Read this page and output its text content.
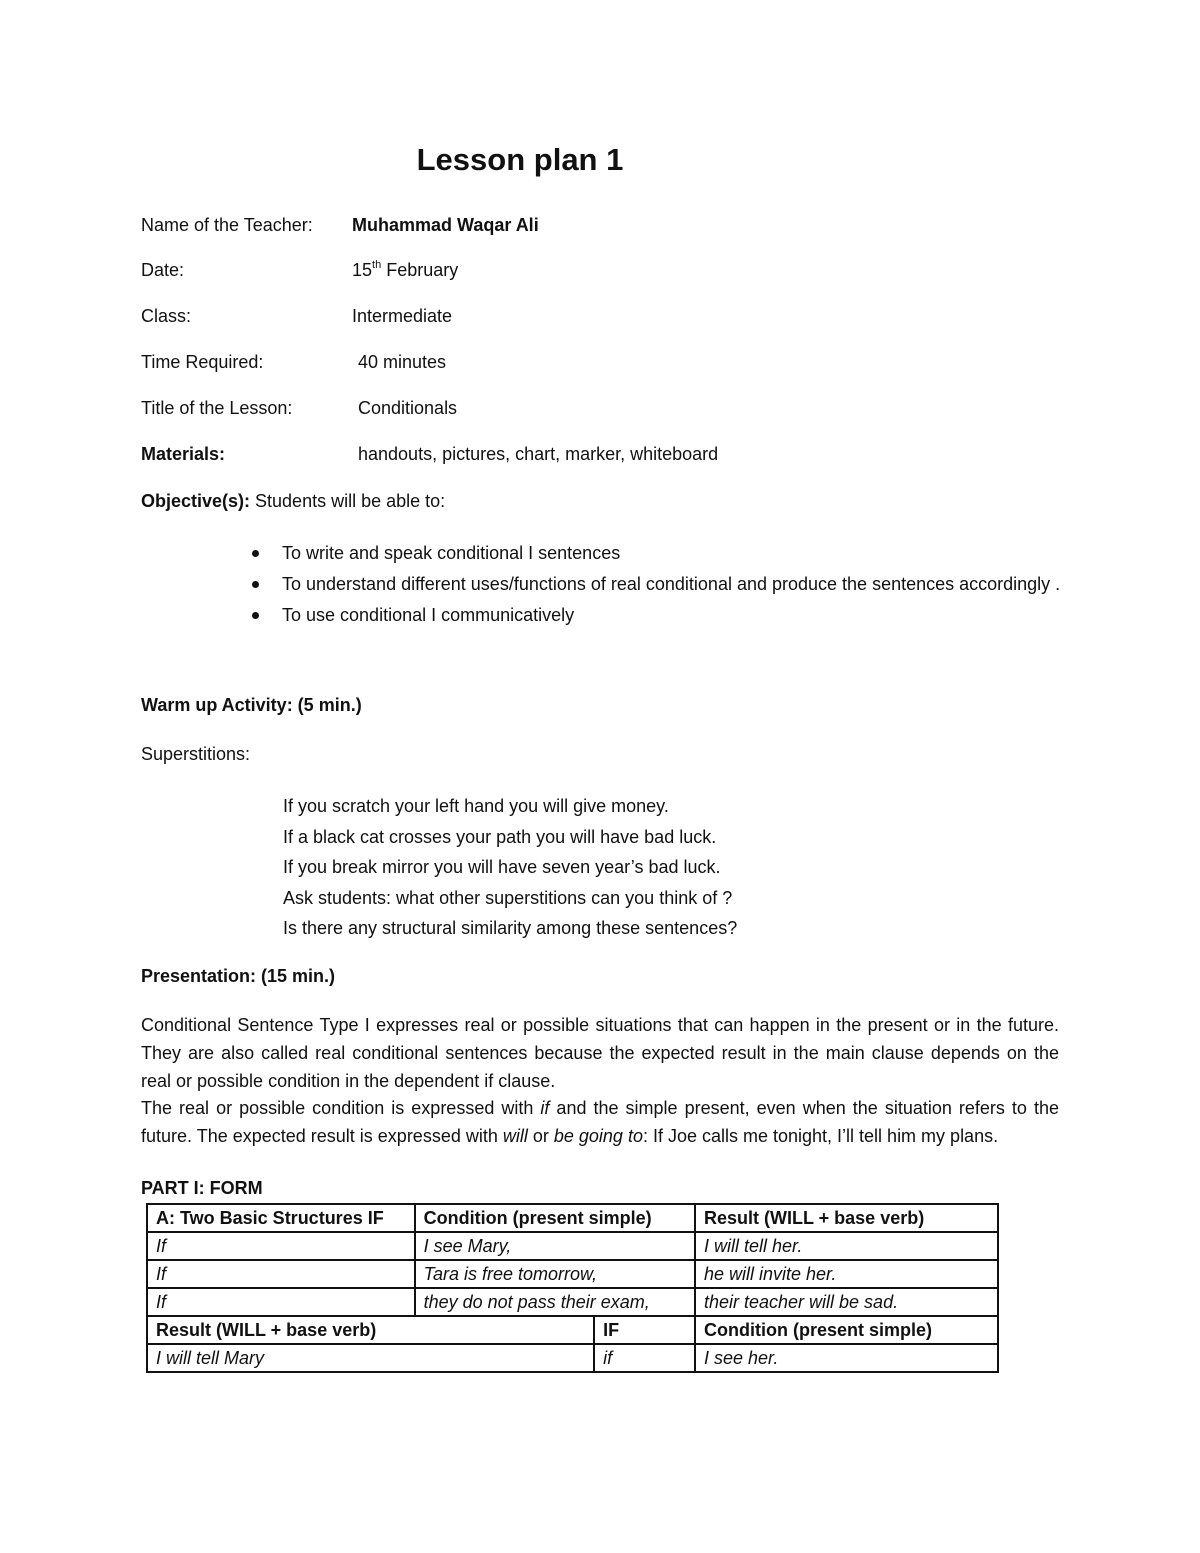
Lesson plan 1
Name of the Teacher: Muhammad Waqar Ali
Date:	15th February
Class:	Intermediate
Time Required:	40 minutes
Title of the Lesson:	Conditionals
Materials:	handouts, pictures, chart, marker, whiteboard
Objective(s): Students will be able to:
To write and speak conditional I sentences
To understand different uses/functions of real conditional and produce the sentences accordingly .
To use conditional I communicatively
Warm up Activity: (5 min.)
Superstitions:
If you scratch your left hand you will give money.
If a black cat crosses your path you will have bad luck.
If you break mirror you will have seven year’s bad luck.
Ask students: what other superstitions can you think of ?
Is there any structural similarity among these sentences?
Presentation: (15 min.)
Conditional Sentence Type I expresses real or possible situations that can happen in the present or in the future. They are also called real conditional sentences because the expected result in the main clause depends on the real or possible condition in the dependent if clause.
The real or possible condition is expressed with if and the simple present, even when the situation refers to the future. The expected result is expressed with will or be going to: If Joe calls me tonight, I’ll tell him my plans.
PART I: FORM
A: Two Basic Structures IF	Condition (present simple)		Result (WILL + base verb)
If	I see Mary,		I will tell her.
If	Tara is free tomorrow,		he will invite her.
If	they do not pass their exam,		their teacher will be sad.
Result (WILL + base verb)		IF	Condition (present simple)
I will tell Mary		if	I see her.
